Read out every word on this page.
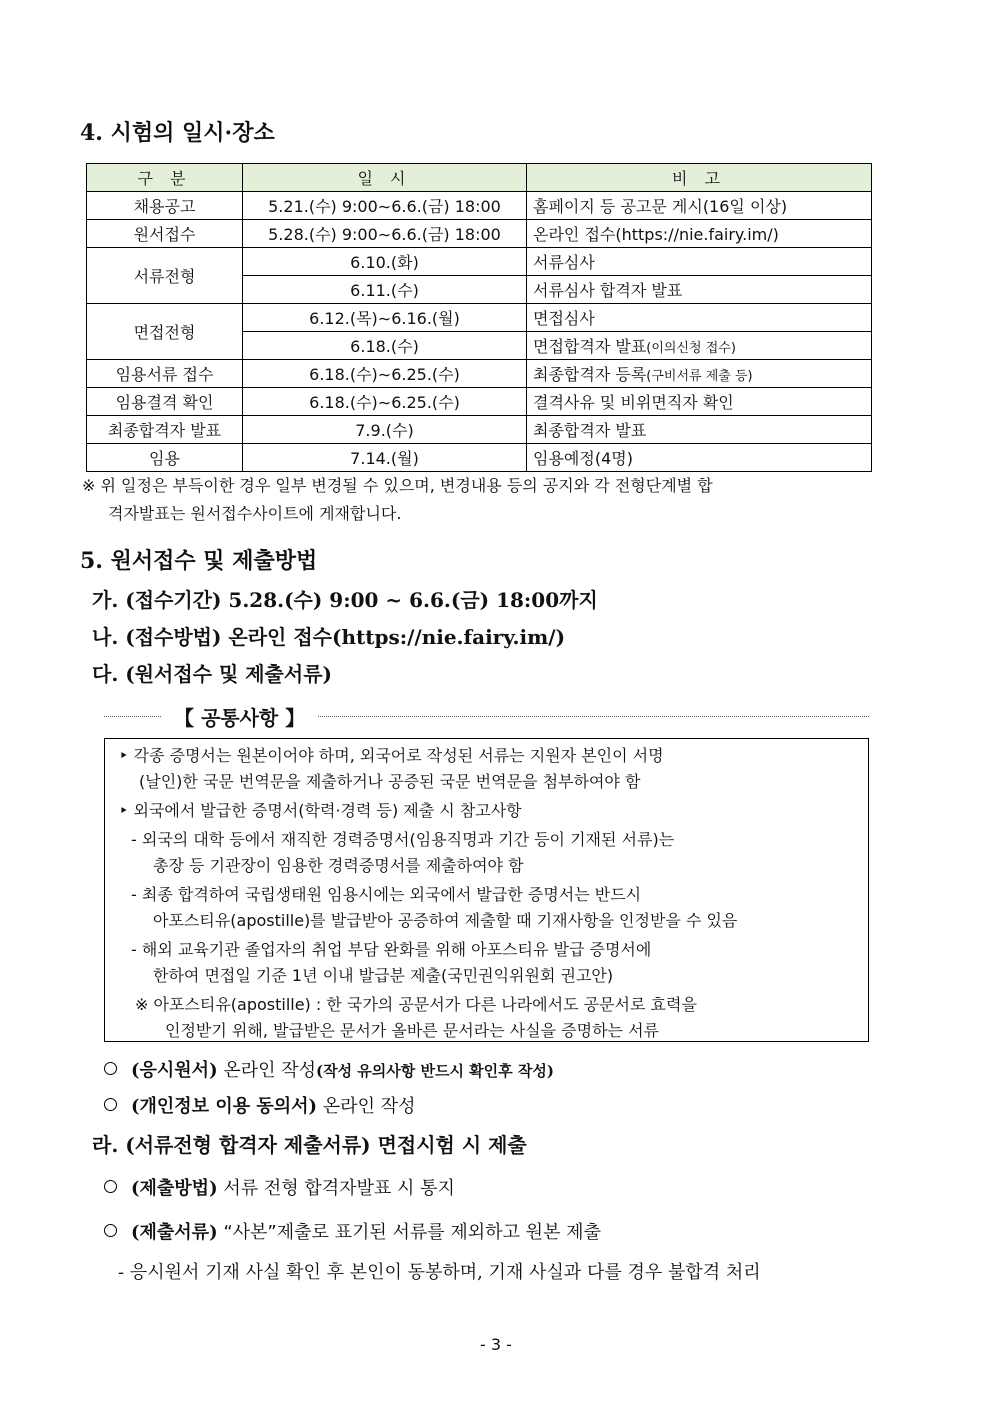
4. 시험의 일시·장소
구 분	일 시	비 고
채용공고	5.21.(수) 9:00∼6.6.(금) 18:00	홈페이지 등 공고문 게시(16일 이상)
원서접수	5.28.(수) 9:00∼6.6.(금) 18:00	온라인 접수(https://nie.fairy.im/)
서류전형	6.10.(화)	서류심사
	6.11.(수)	서류심사 합격자 발표
면접전형	6.12.(목)∼6.16.(월)	면접심사
	6.18.(수)	면접합격자 발표(이의신청 접수)
임용서류 접수	6.18.(수)∼6.25.(수)	최종합격자 등록(구비서류 제출 등)
임용결격 확인	6.18.(수)∼6.25.(수)	결격사유 및 비위면직자 확인
최종합격자 발표	7.9.(수)	최종합격자 발표
임용	7.14.(월)	임용예정(4명)
※ 위 일정은 부득이한 경우 일부 변경될 수 있으며, 변경내용 등의 공지와 각 전형단계별 합
격자발표는 원서접수사이트에 게재합니다.
5. 원서접수 및 제출방법
가. (접수기간) 5.28.(수) 9:00 ~ 6.6.(금) 18:00까지
나. (접수방법) 온라인 접수(https://nie.fairy.im/)
다. (원서접수 및 제출서류)
【 공통사항 】
‣ 각종 증명서는 원본이어야 하며, 외국어로 작성된 서류는 지원자 본인이 서명
(날인)한 국문 번역문을 제출하거나 공증된 국문 번역문을 첨부하여야 함
‣ 외국에서 발급한 증명서(학력·경력 등) 제출 시 참고사항
- 외국의 대학 등에서 재직한 경력증명서(임용직명과 기간 등이 기재된 서류)는
총장 등 기관장이 임용한 경력증명서를 제출하여야 함
- 최종 합격하여 국립생태원 임용시에는 외국에서 발급한 증명서는 반드시
아포스티유(apostille)를 발급받아 공증하여 제출할 때 기재사항을 인정받을 수 있음
- 해외 교육기관 졸업자의 취업 부담 완화를 위해 아포스티유 발급 증명서에
한하여 면접일 기준 1년 이내 발급분 제출(국민권익위원회 권고안)
※ 아포스티유(apostille) : 한 국가의 공문서가 다른 나라에서도 공문서로 효력을
인정받기 위해, 발급받은 문서가 올바른 문서라는 사실을 증명하는 서류
(응시원서) 온라인 작성(작성 유의사항 반드시 확인후 작성)
(개인정보 이용 동의서) 온라인 작성
라. (서류전형 합격자 제출서류) 면접시험 시 제출
(제출방법) 서류 전형 합격자발표 시 통지
(제출서류) “사본”제출로 표기된 서류를 제외하고 원본 제출
- 응시원서 기재 사실 확인 후 본인이 동봉하며, 기재 사실과 다를 경우 불합격 처리
- 3 -
